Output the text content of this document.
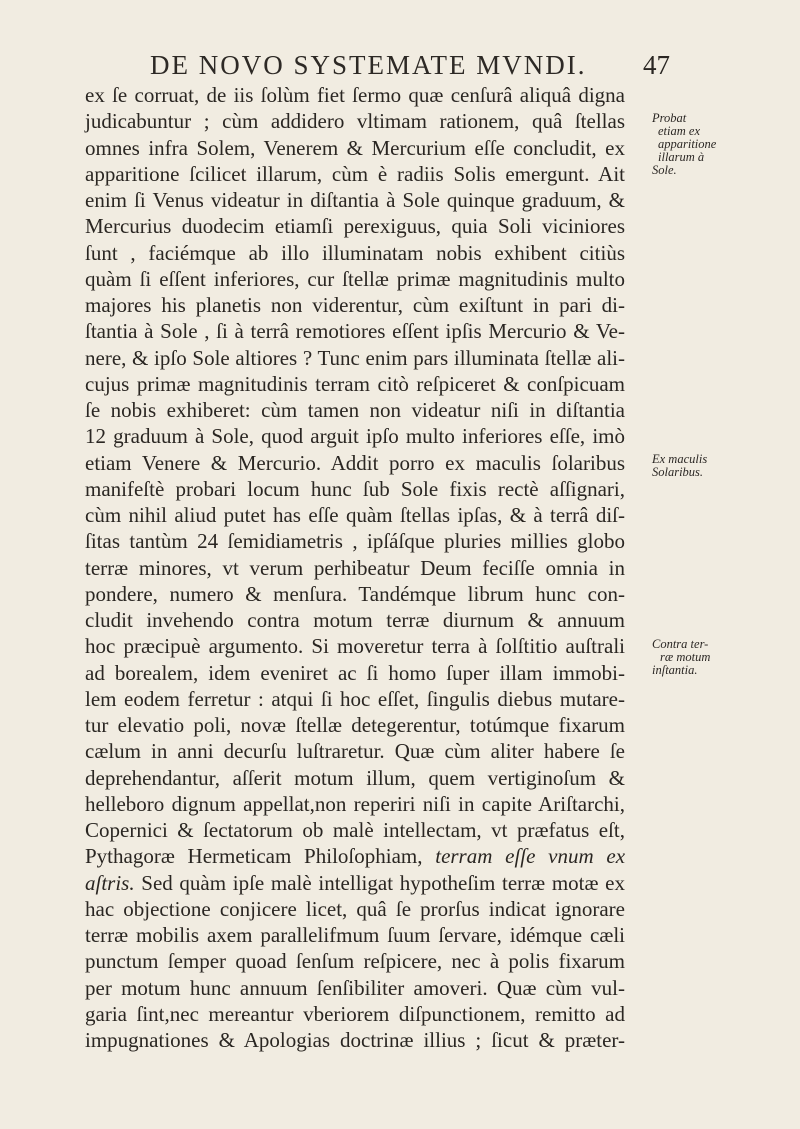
DE NOVO SYSTEMATE MVNDI. 47
ex ſe corruat, de iis ſolùm fiet ſermo quæ cenſurâ aliquâ digna
judicabuntur ; cùm addidero vltimam rationem, quâ ſtellas
omnes infra Solem, Venerem & Mercurium eſſe concludit, ex
apparitione ſcilicet illarum, cùm è radiis Solis emergunt. Ait
enim ſi Venus videatur in diſtantia à Sole quinque graduum, &
Mercurius duodecim etiamſi perexiguus, quia Soli viciniores
ſunt , faciémque ab illo illuminatam nobis exhibent citiùs
quàm ſi eſſent inferiores, cur ſtellæ primæ magnitudinis multo
majores his planetis non viderentur, cùm exiſtunt in pari di-
ſtantia à Sole , ſi à terrâ remotiores eſſent ipſis Mercurio & Ve-
nere, & ipſo Sole altiores ? Tunc enim pars illuminata ſtellæ ali-
cujus primæ magnitudinis terram citò reſpiceret & conſpicuam
ſe nobis exhiberet: cùm tamen non videatur niſi in diſtantia
12 graduum à Sole, quod arguit ipſo multo inferiores eſſe, imò
etiam Venere & Mercurio. Addit porro ex maculis ſolaribus
manifeſtè probari locum hunc ſub Sole fixis rectè aſſignari,
cùm nihil aliud putet has eſſe quàm ſtellas ipſas, & à terrâ diſ-
ſitas tantùm 24 ſemidiametris , ipſáſque pluries millies globo
terræ minores, vt verum perhibeatur Deum feciſſe omnia in
pondere, numero & menſura. Tandémque librum hunc con-
cludit invehendo contra motum terræ diurnum & annuum
hoc præcipuè argumento. Si moveretur terra à ſolſtitio auſtrali
ad borealem, idem eveniret ac ſi homo ſuper illam immobi-
lem eodem ferretur : atqui ſi hoc eſſet, ſingulis diebus mutare-
tur elevatio poli, novæ ſtellæ detegerentur, totúmque fixarum
cælum in anni decurſu luſtraretur. Quæ cùm aliter habere ſe
deprehendantur, aſſerit motum illum, quem vertiginoſum &
helleboro dignum appellat,non reperiri niſi in capite Ariſtarchi,
Copernici & ſectatorum ob malè intellectam, vt præfatus eſt,
Pythagoræ Hermeticam Philoſophiam, terram eſſe vnum ex
aſtris. Sed quàm ipſe malè intelligat hypotheſim terræ motæ ex
hac objectione conjicere licet, quâ ſe prorſus indicat ignorare
terræ mobilis axem parallelifmum ſuum ſervare, idémque cæli
punctum ſemper quoad ſenſum reſpicere, nec à polis fixarum
per motum hunc annuum ſenſibiliter amoveri. Quæ cùm vul-
garia ſint,nec mereantur vberiorem diſpunctionem, remitto ad
impugnationes & Apologias doctrinæ illius ; ſicut & præter-
Probat
etiam ex
apparitione
illarum à
Sole.
Ex maculis
Solaribus.
Contra ter-
ræ motum
inſtantia.
